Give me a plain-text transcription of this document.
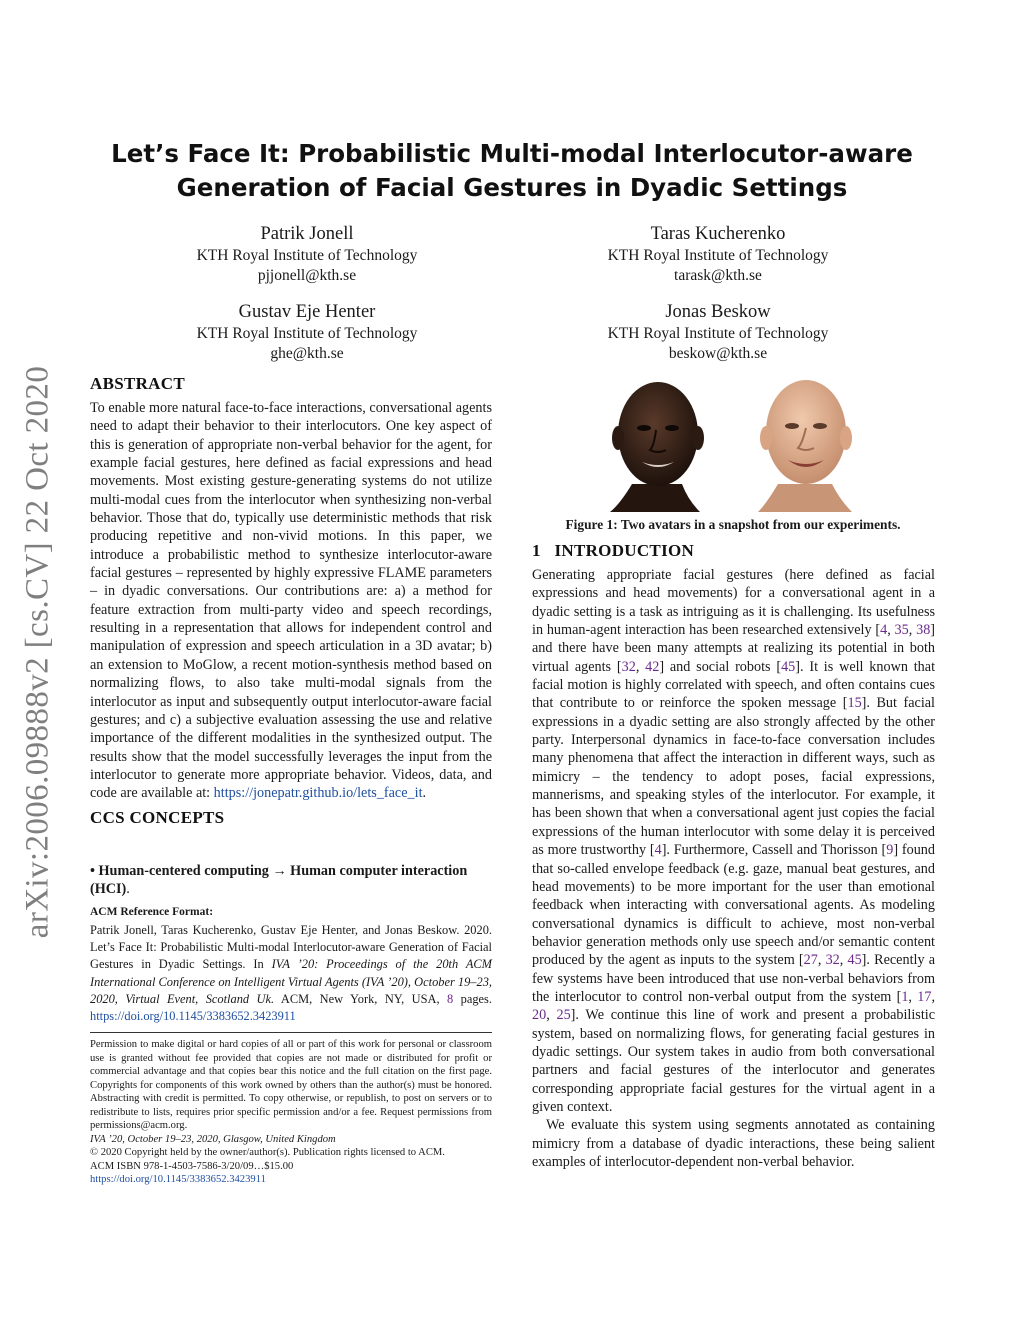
arXiv:2006.09888v2 [cs.CV] 22 Oct 2020
Let’s Face It: Probabilistic Multi-modal Interlocutor-aware Generation of Facial Gestures in Dyadic Settings
Patrik Jonell
KTH Royal Institute of Technology
pjjonell@kth.se
Taras Kucherenko
KTH Royal Institute of Technology
tarask@kth.se
Gustav Eje Henter
KTH Royal Institute of Technology
ghe@kth.se
Jonas Beskow
KTH Royal Institute of Technology
beskow@kth.se
ABSTRACT
To enable more natural face-to-face interactions, conversational agents need to adapt their behavior to their interlocutors. One key aspect of this is generation of appropriate non-verbal behavior for the agent, for example facial gestures, here defined as facial expressions and head movements. Most existing gesture-generating systems do not utilize multi-modal cues from the interlocutor when synthesizing non-verbal behavior. Those that do, typically use deterministic methods that risk producing repetitive and non-vivid motions. In this paper, we introduce a probabilistic method to synthesize interlocutor-aware facial gestures – represented by highly expressive FLAME parameters – in dyadic conversations. Our contributions are: a) a method for feature extraction from multi-party video and speech recordings, resulting in a representation that allows for independent control and manipulation of expression and speech articulation in a 3D avatar; b) an extension to MoGlow, a recent motion-synthesis method based on normalizing flows, to also take multi-modal signals from the interlocutor as input and subsequently output interlocutor-aware facial gestures; and c) a subjective evaluation assessing the use and relative importance of the different modalities in the synthesized output. The results show that the model successfully leverages the input from the interlocutor to generate more appropriate behavior. Videos, data, and code are available at: https://jonepatr.github.io/lets_face_it.
CCS CONCEPTS
• Human-centered computing → Human computer interaction (HCI).
ACM Reference Format:
Patrik Jonell, Taras Kucherenko, Gustav Eje Henter, and Jonas Beskow. 2020. Let’s Face It: Probabilistic Multi-modal Interlocutor-aware Generation of Facial Gestures in Dyadic Settings. In IVA ’20: Proceedings of the 20th ACM International Conference on Intelligent Virtual Agents (IVA ’20), October 19–23, 2020, Virtual Event, Scotland Uk. ACM, New York, NY, USA, 8 pages. https://doi.org/10.1145/3383652.3423911
Permission to make digital or hard copies of all or part of this work for personal or classroom use is granted without fee provided that copies are not made or distributed for profit or commercial advantage and that copies bear this notice and the full citation on the first page. Copyrights for components of this work owned by others than the author(s) must be honored. Abstracting with credit is permitted. To copy otherwise, or republish, to post on servers or to redistribute to lists, requires prior specific permission and/or a fee. Request permissions from permissions@acm.org.
IVA ’20, October 19–23, 2020, Glasgow, United Kingdom
© 2020 Copyright held by the owner/author(s). Publication rights licensed to ACM.
ACM ISBN 978-1-4503-7586-3/20/09…$15.00
https://doi.org/10.1145/3383652.3423911
Figure 1: Two avatars in a snapshot from our experiments.
1 INTRODUCTION

Generating appropriate facial gestures (here defined as facial expressions and head movements) for a conversational agent in a dyadic setting is a task as intriguing as it is challenging. Its usefulness in human-agent interaction has been researched extensively [4, 35, 38] and there have been many attempts at realizing its potential in both virtual agents [32, 42] and social robots [45]. It is well known that facial motion is highly correlated with speech, and often contains cues that contribute to or reinforce the spoken message [15]. But facial expressions in a dyadic setting are also strongly affected by the other party. Interpersonal dynamics in face-to-face conversation includes many phenomena that affect the interaction in different ways, such as mimicry – the tendency to adopt poses, facial expressions, mannerisms, and speaking styles of the interlocutor. For example, it has been shown that when a conversational agent just copies the facial expressions of the human interlocutor with some delay it is perceived as more trustworthy [4]. Furthermore, Cassell and Thorisson [9] found that so-called envelope feedback (e.g. gaze, manual beat gestures, and head movements) to be more important for the user than emotional feedback when interacting with conversational agents. As modeling conversational dynamics is difficult to achieve, most non-verbal behavior generation methods only use speech and/or semantic content produced by the agent as inputs to the system [27, 32, 45]. Recently a few systems have been introduced that use non-verbal behaviors from the interlocutor to control non-verbal output from the system [1, 17, 20, 25]. We continue this line of work and present a probabilistic system, based on normalizing flows, for generating facial gestures in dyadic settings. Our system takes in audio from both conversational partners and facial gestures of the interlocutor and generates corresponding appropriate facial gestures for the virtual agent in a given context.

We evaluate this system using segments annotated as containing mimicry from a database of dyadic interactions, these being salient examples of interlocutor-dependent non-verbal behavior.
